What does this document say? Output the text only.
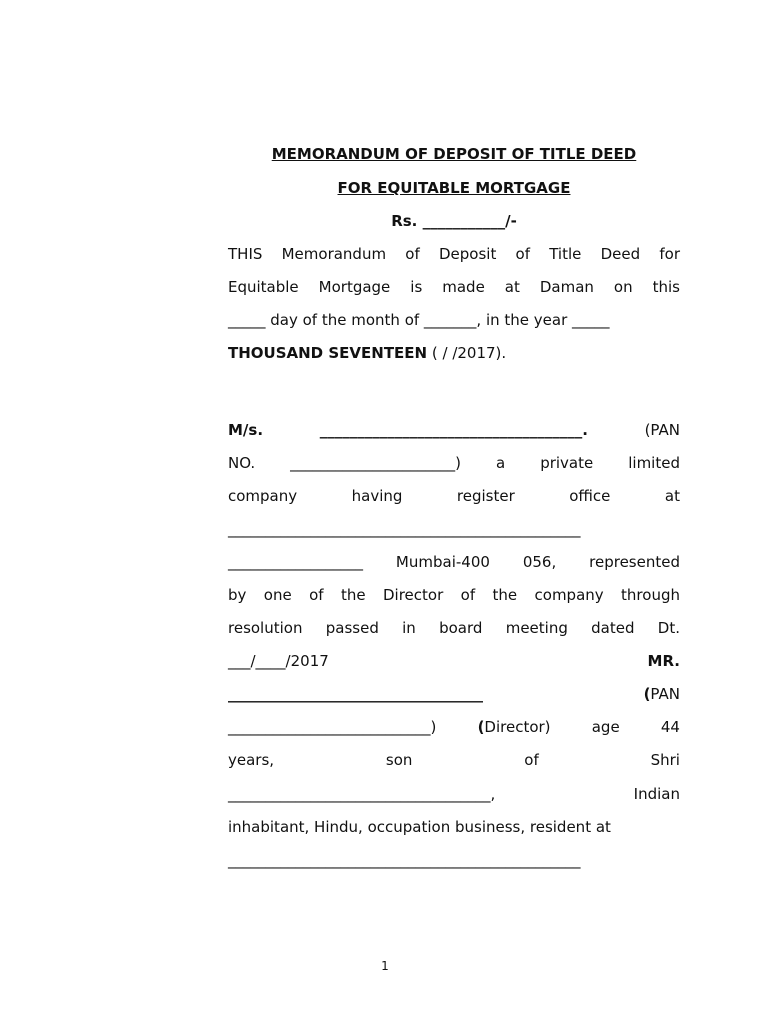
MEMORANDUM OF DEPOSIT OF TITLE DEED
FOR EQUITABLE MORTGAGE
Rs. ___________/-
THIS Memorandum of Deposit of Title Deed for
Equitable Mortgage is made at Daman on this
_____ day of the month of _______, in the year _____
THOUSAND SEVENTEEN ( / /2017).
M/s.	___________________________________.	(PAN
NO. ______________________) a private limited
company	having	register	office	at
_______________________________________________
__________________ Mumbai-400 056, represented
by one of the Director of the company through
resolution passed in board meeting dated Dt.
___/____/2017	MR.
__________________________________	(PAN
___________________________)	(Director)	age	44
years,	son	of	Shri
___________________________________,	Indian
inhabitant, Hindu, occupation business, resident at
_______________________________________________
1
